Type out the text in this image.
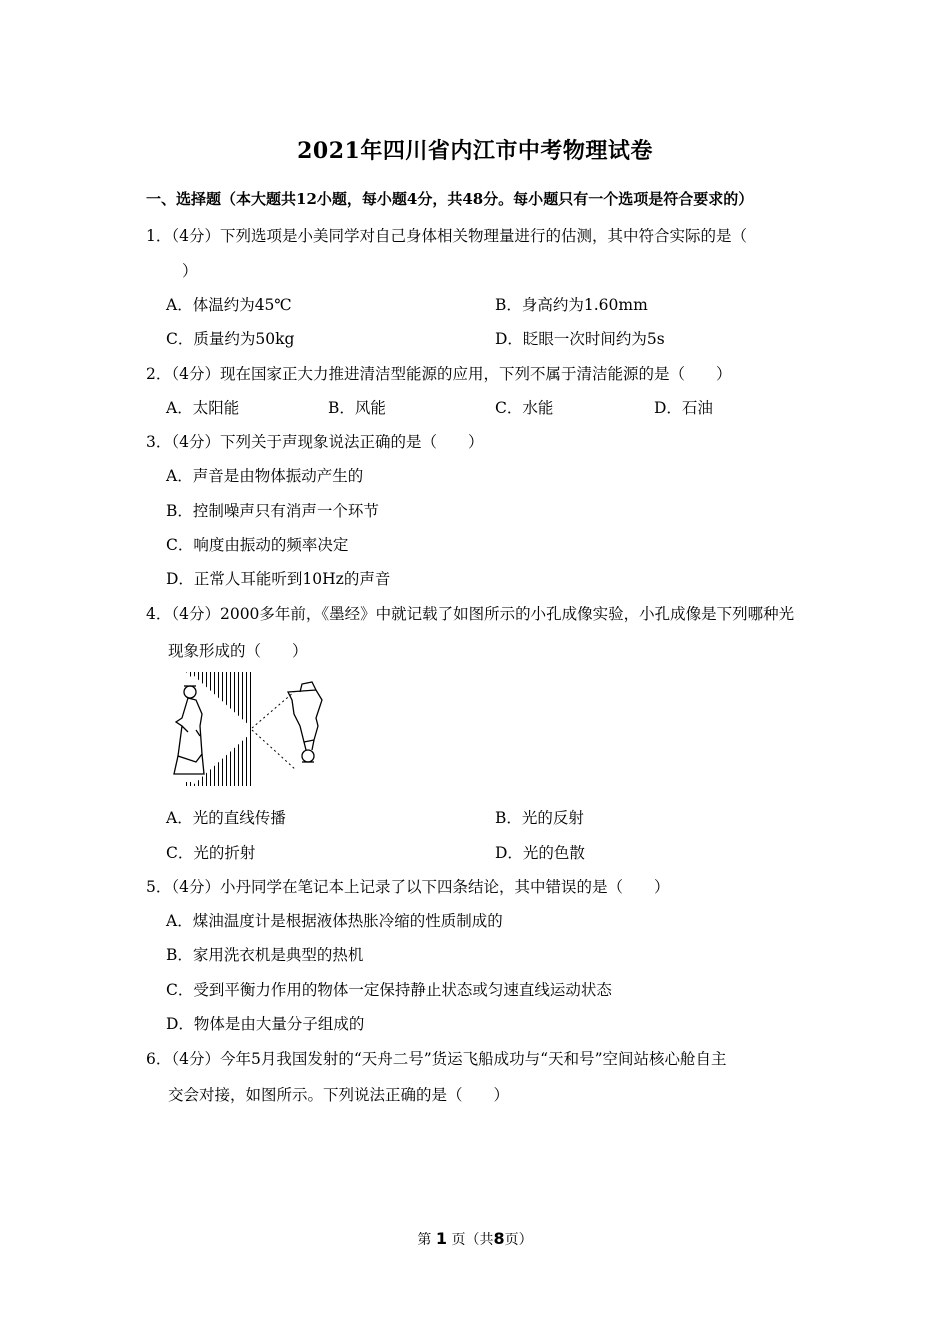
2021年四川省内江市中考物理试卷
一、选择题（本大题共12小题，每小题4分，共48分。每小题只有一个选项是符合要求的）
1．（4分）下列选项是小美同学对自己身体相关物理量进行的估测，其中符合实际的是（
）
A．体温约为45℃	B．身高约为1.60mm
C．质量约为50kg	D．眨眼一次时间约为5s
2．（4分）现在国家正大力推进清洁型能源的应用，下列不属于清洁能源的是（　　）
A．太阳能	B．风能	C．水能	D．石油
3．（4分）下列关于声现象说法正确的是（　　）
A．声音是由物体振动产生的
B．控制噪声只有消声一个环节
C．响度由振动的频率决定
D．正常人耳能听到10Hz的声音
4．（4分）2000多年前，《墨经》中就记载了如图所示的小孔成像实验，小孔成像是下列哪种光
现象形成的（　　）
A．光的直线传播	B．光的反射
C．光的折射	D．光的色散
5．（4分）小丹同学在笔记本上记录了以下四条结论，其中错误的是（　　）
A．煤油温度计是根据液体热胀冷缩的性质制成的
B．家用洗衣机是典型的热机
C．受到平衡力作用的物体一定保持静止状态或匀速直线运动状态
D．物体是由大量分子组成的
6．（4分）今年5月我国发射的“天舟二号”货运飞船成功与“天和号”空间站核心舱自主
交会对接，如图所示。下列说法正确的是（　　）
第 1 页（共8页）
